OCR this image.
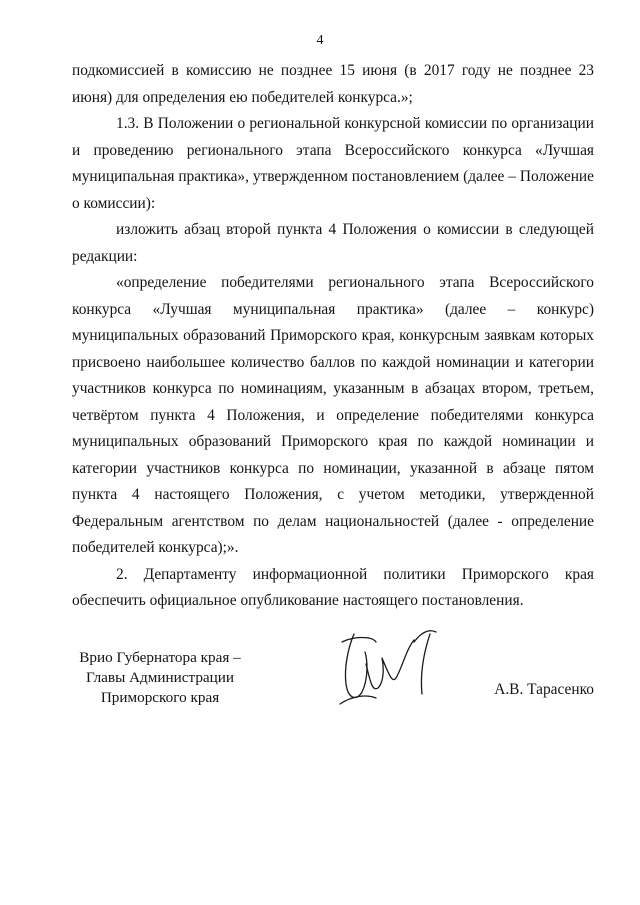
4

подкомиссией в комиссию не позднее 15 июня (в 2017 году не позднее 23 июня) для определения ею победителей конкурса.»;

1.3. В Положении о региональной конкурсной комиссии по организации и проведению регионального этапа Всероссийского конкурса «Лучшая муниципальная практика», утвержденном постановлением (далее – Положение о комиссии):

изложить абзац второй пункта 4 Положения о комиссии в следующей редакции:

«определение победителями регионального этапа Всероссийского конкурса «Лучшая муниципальная практика» (далее – конкурс) муниципальных образований Приморского края, конкурсным заявкам которых присвоено наибольшее количество баллов по каждой номинации и категории участников конкурса по номинациям, указанным в абзацах втором, третьем, четвёртом пункта 4 Положения, и определение победителями конкурса муниципальных образований Приморского края по каждой номинации и категории участников конкурса по номинации, указанной в абзаце пятом пункта 4 настоящего Положения, с учетом методики, утвержденной Федеральным агентством по делам национальностей (далее - определение победителей конкурса);».

2. Департаменту информационной политики Приморского края обеспечить официальное опубликование настоящего постановления.

Врио Губернатора края –
Главы Администрации
Приморского края	А.В. Тарасенко
